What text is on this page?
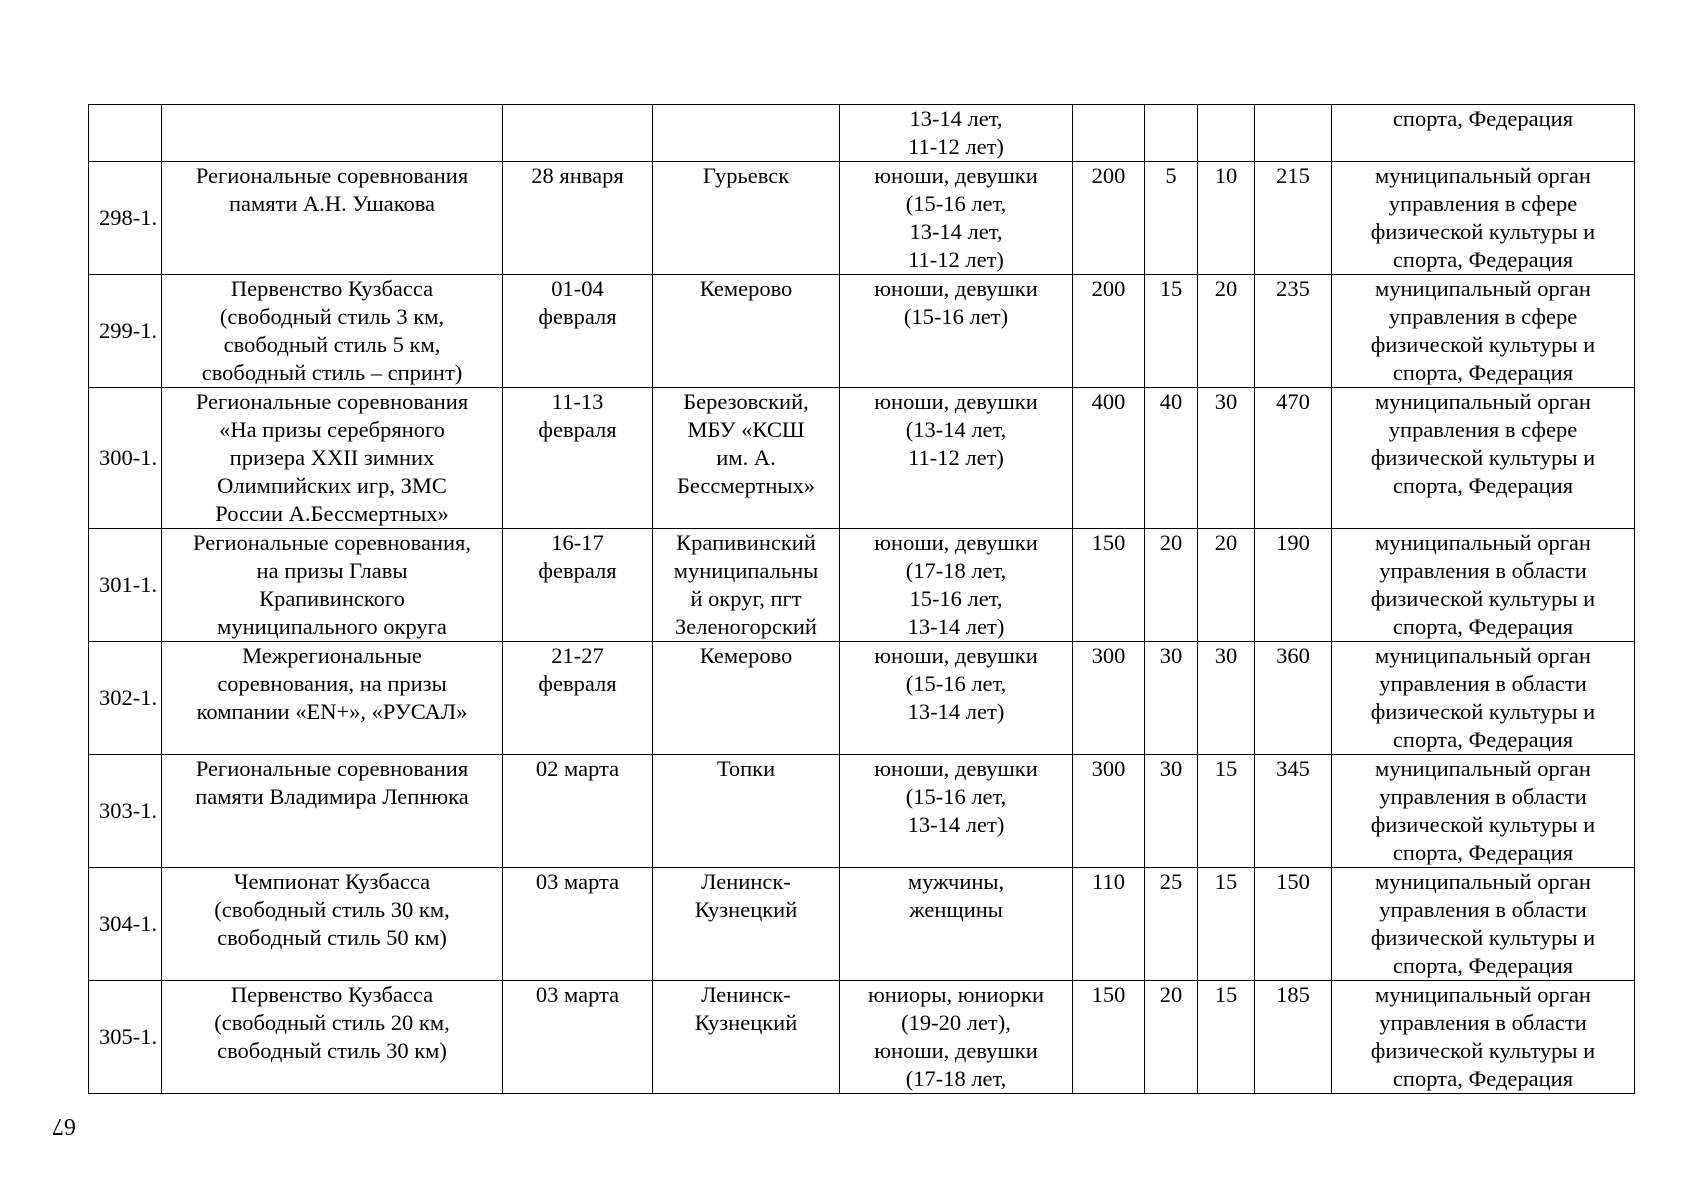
				13-14 лет,
11-12 лет)					спорта, Федерация

298-1.	Региональные соревнования
памяти А.Н. Ушакова	28 января	Гурьевск	юноши, девушки
(15-16 лет,
13-14 лет,
11-12 лет)	200	5	10	215	муниципальный орган
управления в сфере
физической культуры и
спорта, Федерация

299-1.	Первенство Кузбасса
(свободный стиль 3 км,
свободный стиль 5 км,
свободный стиль – спринт)	01-04
февраля	Кемерово	юноши, девушки
(15-16 лет)	200	15	20	235	муниципальный орган
управления в сфере
физической культуры и
спорта, Федерация

300-1.	Региональные соревнования
«На призы серебряного
призера XXII зимних
Олимпийских игр, ЗМС
России А.Бессмертных»	11-13
февраля	Березовский,
МБУ «КСШ
им. А.
Бессмертных»	юноши, девушки
(13-14 лет,
11-12 лет)	400	40	30	470	муниципальный орган
управления в сфере
физической культуры и
спорта, Федерация

301-1.	Региональные соревнования,
на призы Главы
Крапивинского
муниципального округа	16-17
февраля	Крапивинский
муниципальны
й округ, пгт
Зеленогорский	юноши, девушки
(17-18 лет,
15-16 лет,
13-14 лет)	150	20	20	190	муниципальный орган
управления в области
физической культуры и
спорта, Федерация

302-1.	Межрегиональные
соревнования, на призы
компании «EN+», «РУСАЛ»	21-27
февраля	Кемерово	юноши, девушки
(15-16 лет,
13-14 лет)	300	30	30	360	муниципальный орган
управления в области
физической культуры и
спорта, Федерация

303-1.	Региональные соревнования
памяти Владимира Лепнюка	02 марта	Топки	юноши, девушки
(15-16 лет,
13-14 лет)	300	30	15	345	муниципальный орган
управления в области
физической культуры и
спорта, Федерация

304-1.	Чемпионат Кузбасса
(свободный стиль 30 км,
свободный стиль 50 км)	03 марта	Ленинск-
Кузнецкий	мужчины,
женщины	110	25	15	150	муниципальный орган
управления в области
физической культуры и
спорта, Федерация

305-1.	Первенство Кузбасса
(свободный стиль 20 км,
свободный стиль 30 км)	03 марта	Ленинск-
Кузнецкий	юниоры, юниорки
(19-20 лет),
юноши, девушки
(17-18 лет,	150	20	15	185	муниципальный орган
управления в области
физической культуры и
спорта, Федерация
67
